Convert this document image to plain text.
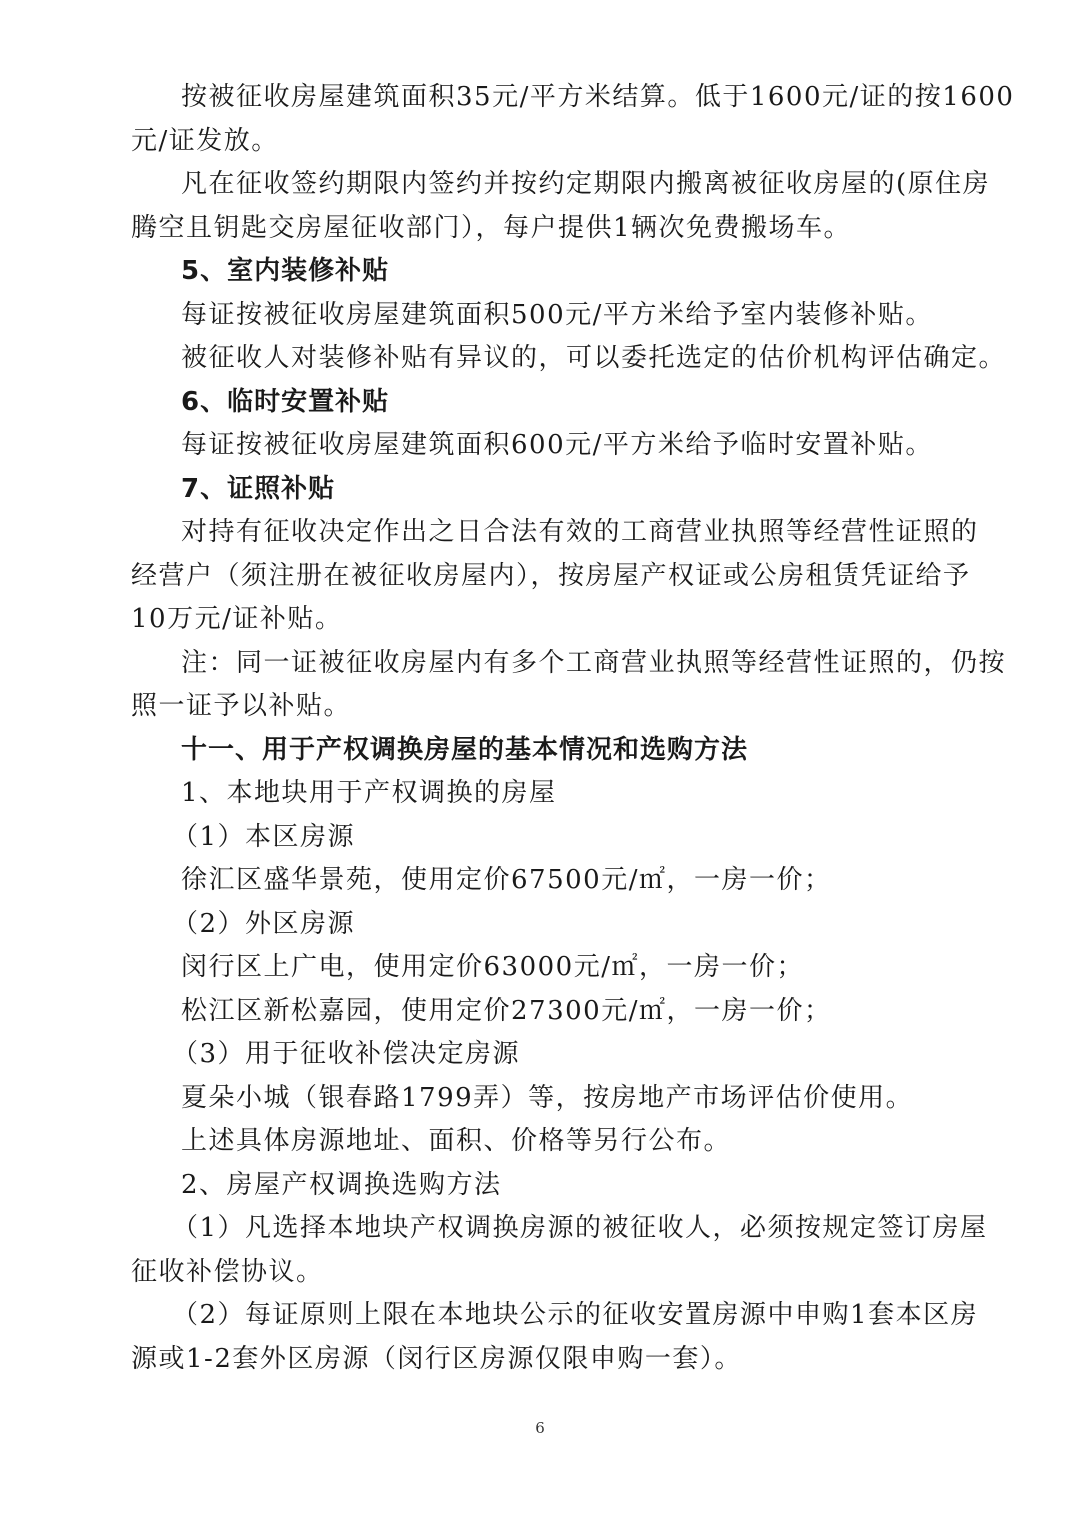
按被征收房屋建筑面积35元/平方米结算。低于1600元/证的按1600
元/证发放。
凡在征收签约期限内签约并按约定期限内搬离被征收房屋的(原住房
腾空且钥匙交房屋征收部门），每户提供1辆次免费搬场车。
5、室内装修补贴
每证按被征收房屋建筑面积500元/平方米给予室内装修补贴。
被征收人对装修补贴有异议的，可以委托选定的估价机构评估确定。
6、临时安置补贴
每证按被征收房屋建筑面积600元/平方米给予临时安置补贴。
7、证照补贴
对持有征收决定作出之日合法有效的工商营业执照等经营性证照的
经营户（须注册在被征收房屋内），按房屋产权证或公房租赁凭证给予
10万元/证补贴。
注：同一证被征收房屋内有多个工商营业执照等经营性证照的，仍按
照一证予以补贴。
十一、用于产权调换房屋的基本情况和选购方法
1、本地块用于产权调换的房屋
（1）本区房源
徐汇区盛华景苑，使用定价67500元/㎡，一房一价；
（2）外区房源
闵行区上广电，使用定价63000元/㎡，一房一价；
松江区新松嘉园，使用定价27300元/㎡，一房一价；
（3）用于征收补偿决定房源
夏朵小城（银春路1799弄）等，按房地产市场评估价使用。
上述具体房源地址、面积、价格等另行公布。
2、房屋产权调换选购方法
（1）凡选择本地块产权调换房源的被征收人，必须按规定签订房屋
征收补偿协议。
（2）每证原则上限在本地块公示的征收安置房源中申购1套本区房
源或1-2套外区房源（闵行区房源仅限申购一套）。
6
